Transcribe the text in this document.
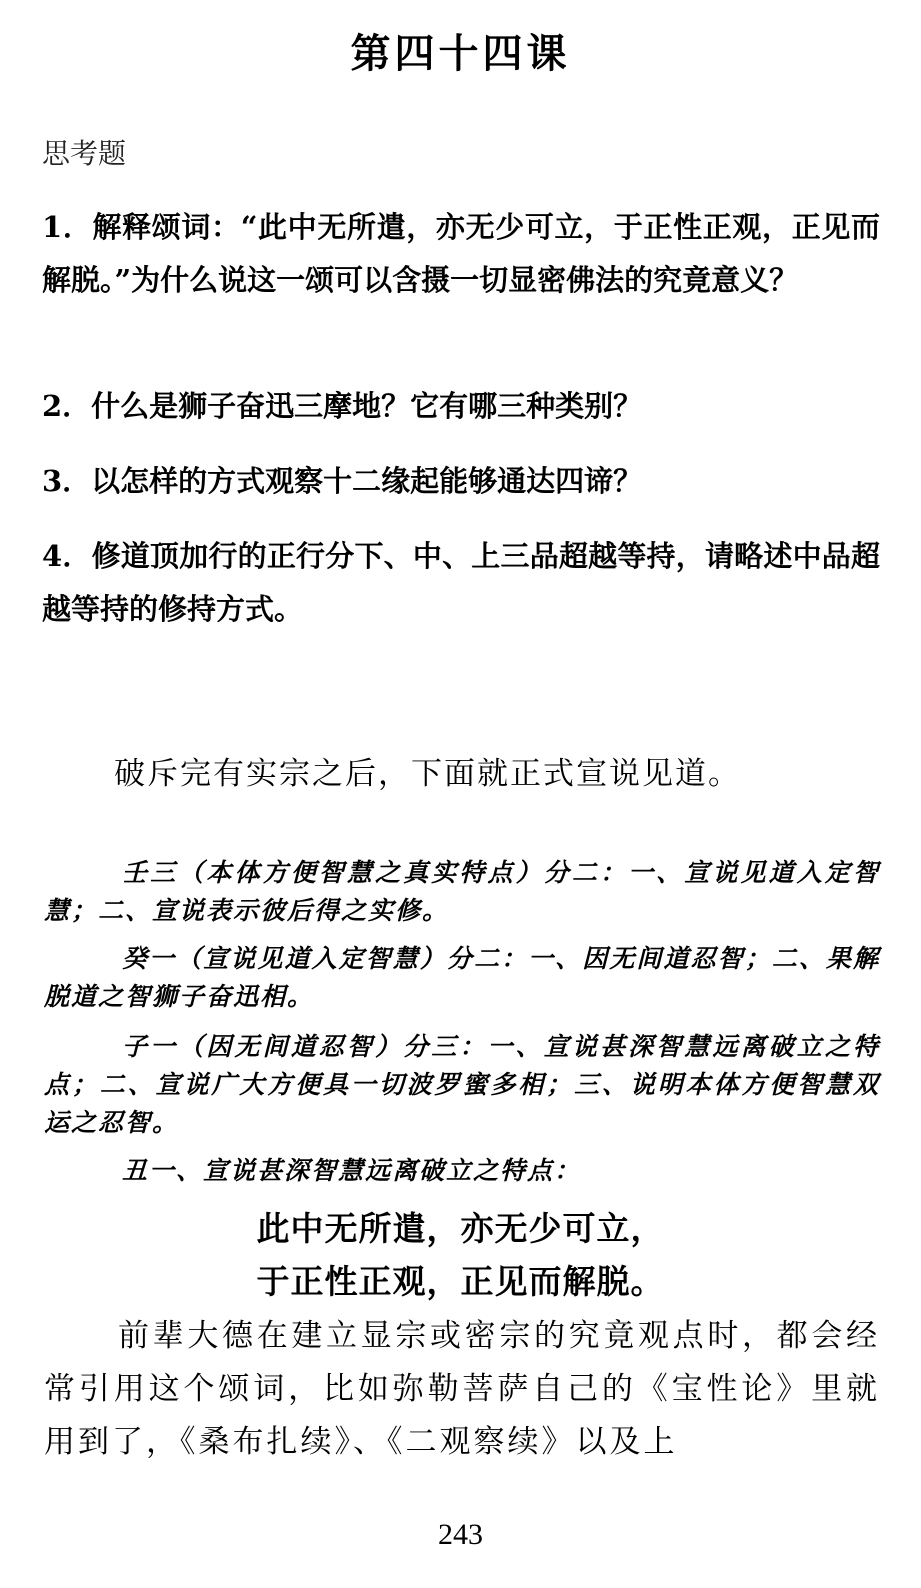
第四十四课
思考题
1．解释颂词：“此中无所遣，亦无少可立，于正性正观，正见而解脱。”为什么说这一颂可以含摄一切显密佛法的究竟意义？
2．什么是狮子奋迅三摩地？它有哪三种类别？
3．以怎样的方式观察十二缘起能够通达四谛？
4．修道顶加行的正行分下、中、上三品超越等持，请略述中品超越等持的修持方式。
破斥完有实宗之后，下面就正式宣说见道。
壬三（本体方便智慧之真实特点）分二：一、宣说见道入定智慧；二、宣说表示彼后得之实修。
癸一（宣说见道入定智慧）分二：一、因无间道忍智；二、果解脱道之智狮子奋迅相。
子一（因无间道忍智）分三：一、宣说甚深智慧远离破立之特点；二、宣说广大方便具一切波罗蜜多相；三、说明本体方便智慧双运之忍智。
丑一、宣说甚深智慧远离破立之特点：
此中无所遣，亦无少可立，
于正性正观，正见而解脱。
前辈大德在建立显宗或密宗的究竟观点时，都会经常引用这个颂词，比如弥勒菩萨自己的《宝性论》里就用到了，《桑布扎续》、《二观察续》以及上
243
